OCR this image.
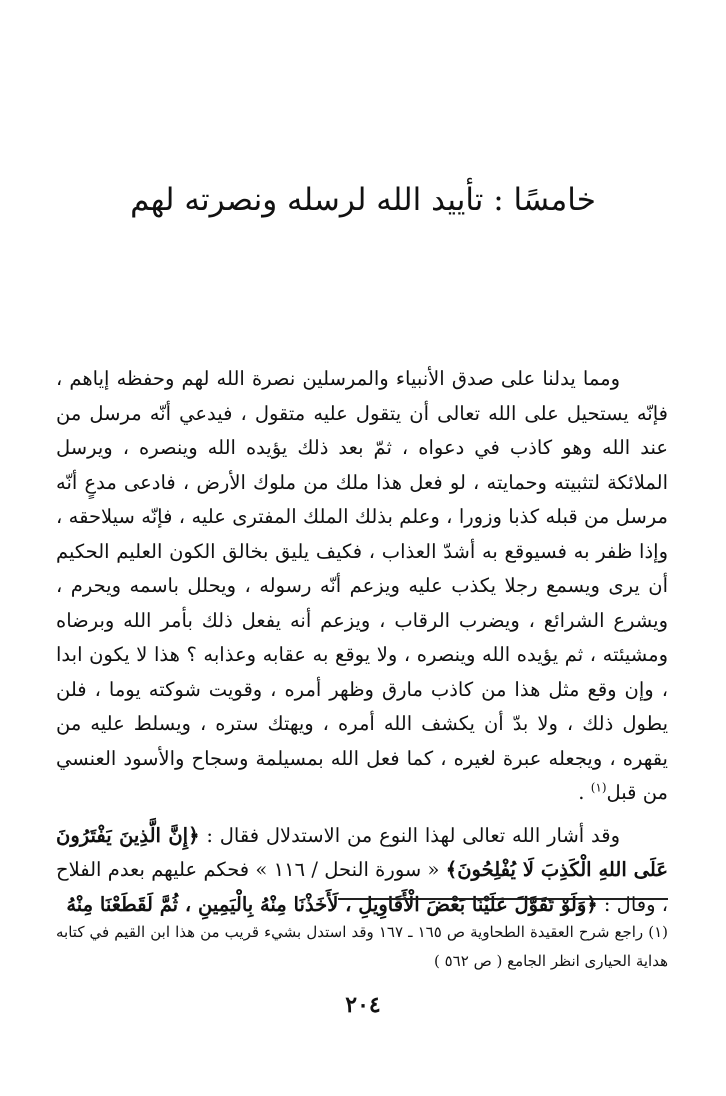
خامسًا : تأييد الله لرسله ونصرته لهم

ومما يدلنا على صدق الأنبياء والمرسلين نصرة الله لهم وحفظه إياهم ، فإنّه يستحيل على الله تعالى أن يتقول عليه متقول ، فيدعي أنّه مرسل من عند الله وهو كاذب في دعواه ، ثمّ بعد ذلك يؤيده الله وينصره ، ويرسل الملائكة لتثبيته وحمايته ، لو فعل هذا ملك من ملوك الأرض ، فادعى مدعٍ أنّه مرسل من قبله كذبا وزورا ، وعلم بذلك الملك المفترى عليه ، فإنّه سيلاحقه ، وإذا ظفر به فسيوقع به أشدّ العذاب ، فكيف يليق بخالق الكون العليم الحكيم أن يرى ويسمع رجلا يكذب عليه ويزعم أنّه رسوله ، ويحلل باسمه ويحرم ، ويشرع الشرائع ، ويضرب الرقاب ، ويزعم أنه يفعل ذلك بأمر الله وبرضاه ومشيئته ، ثم يؤيده الله وينصره ، ولا يوقع به عقابه وعذابه ؟ هذا لا يكون ابدا ، وإن وقع مثل هذا من كاذب مارق وظهر أمره ، وقويت شوكته يوما ، فلن يطول ذلك ، ولا بدّ أن يكشف الله أمره ، ويهتك ستره ، ويسلط عليه من يقهره ، ويجعله عبرة لغيره ، كما فعل الله بمسيلمة وسجاح والأسود العنسي من قبل$^{(١)}$ .

وقد أشار الله تعالى لهذا النوع من الاستدلال فقال : ﴿إِنَّ الَّذِينَ يَفْتَرُونَ عَلَى اللهِ الْكَذِبَ لَا يُفْلِحُونَ﴾ « سورة النحل / ١١٦ » فحكم عليهم بعدم الفلاح ، وقال : ﴿وَلَوْ تَقَوَّلَ عَلَيْنَا بَعْضَ الْأَقَاوِيلِ ، لَأَخَذْنَا مِنْهُ بِالْيَمِينِ ، ثُمَّ لَقَطَعْنَا مِنْهُ

(١) راجع شرح العقيدة الطحاوية ص ١٦٥ ـ ١٦٧ وقد استدل بشيء قريب من هذا ابن القيم في كتابه هداية الحيارى انظر الجامع ( ص ٥٦٢ )

٢٠٤
